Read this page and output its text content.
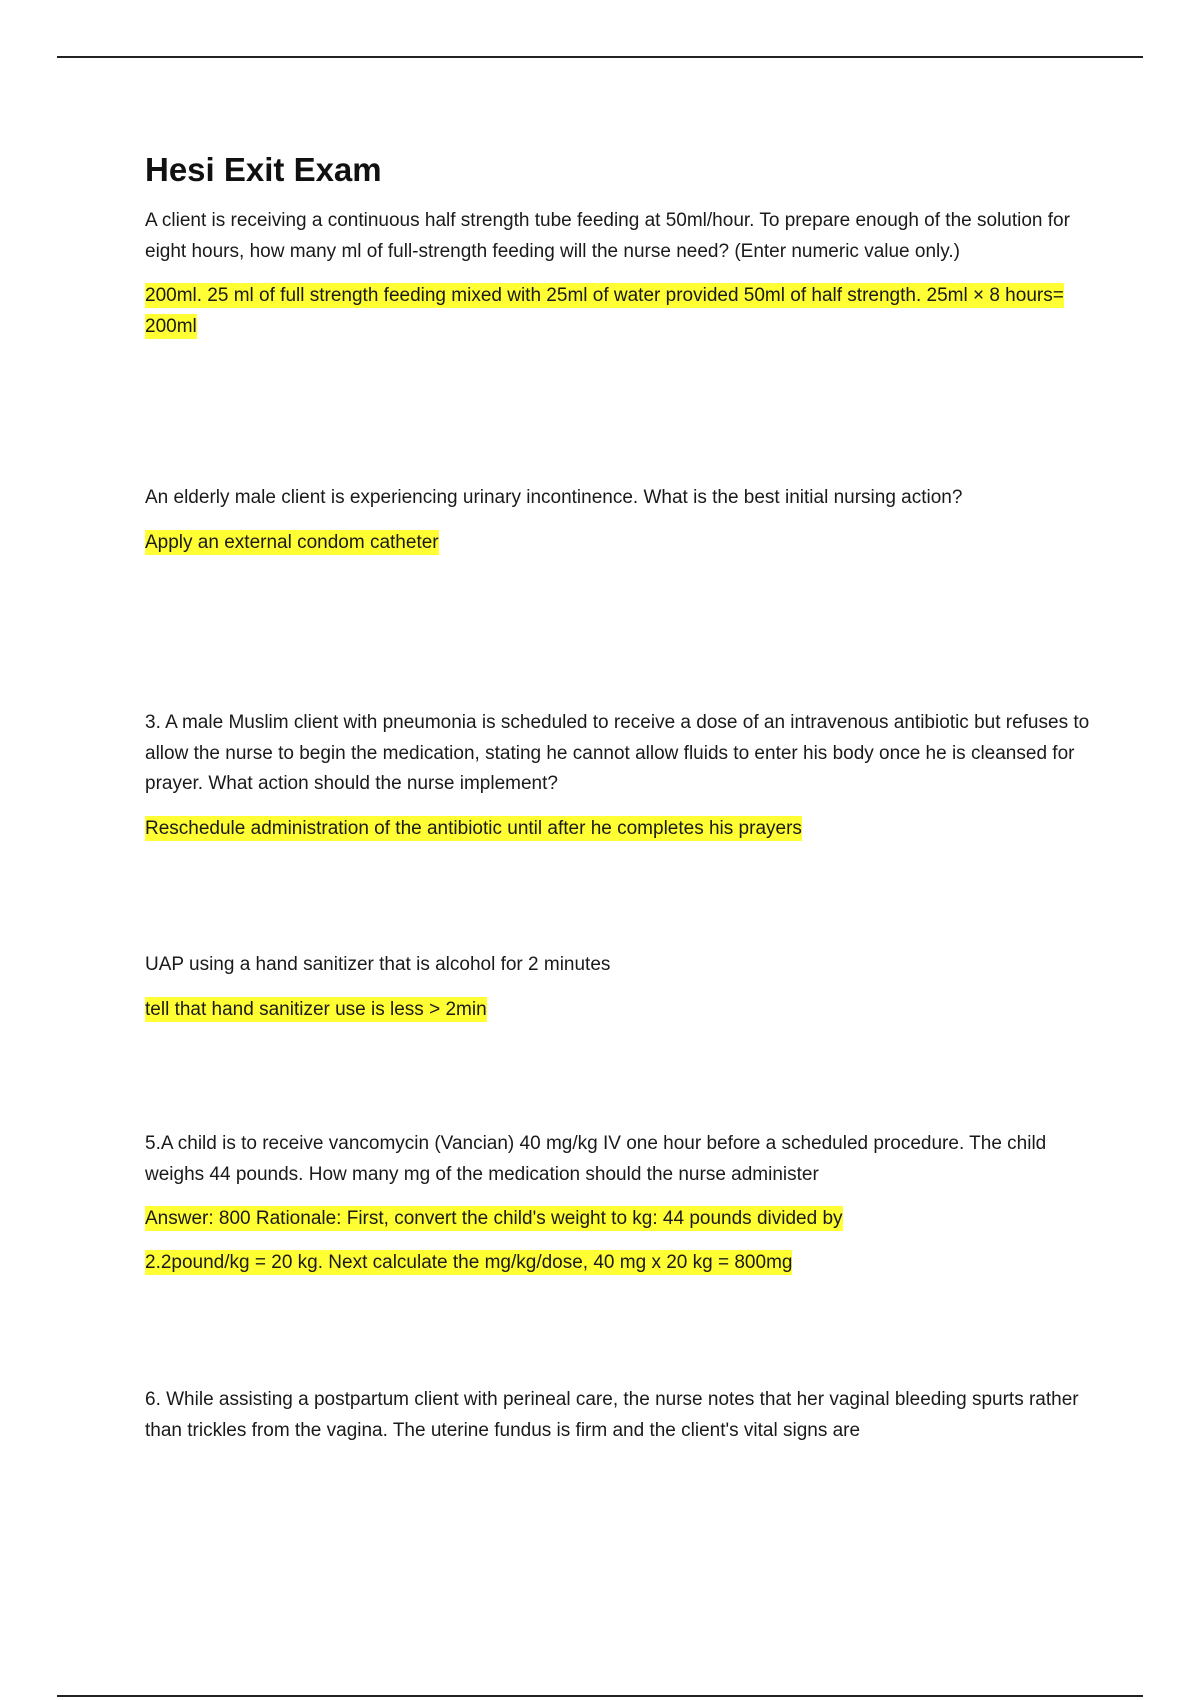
Hesi Exit Exam

A client is receiving a continuous half strength tube feeding at 50ml/hour. To prepare enough of the solution for eight hours, how many ml of full-strength feeding will the nurse need? (Enter numeric value only.)

200ml. 25 ml of full strength feeding mixed with 25ml of water provided 50ml of half strength. 25ml × 8 hours= 200ml

An elderly male client is experiencing urinary incontinence. What is the best initial nursing action?

Apply an external condom catheter

3. A male Muslim client with pneumonia is scheduled to receive a dose of an intravenous antibiotic but refuses to allow the nurse to begin the medication, stating he cannot allow fluids to enter his body once he is cleansed for prayer. What action should the nurse implement?

Reschedule administration of the antibiotic until after he completes his prayers

UAP using a hand sanitizer that is alcohol for 2 minutes

tell that hand sanitizer use is less > 2min

5.A child is to receive vancomycin (Vancian) 40 mg/kg IV one hour before a scheduled procedure. The child weighs 44 pounds. How many mg of the medication should the nurse administer

Answer: 800 Rationale: First, convert the child's weight to kg: 44 pounds divided by

2.2pound/kg = 20 kg. Next calculate the mg/kg/dose, 40 mg x 20 kg = 800mg

6. While assisting a postpartum client with perineal care, the nurse notes that her vaginal bleeding spurts rather than trickles from the vagina. The uterine fundus is firm and the client's vital signs are
